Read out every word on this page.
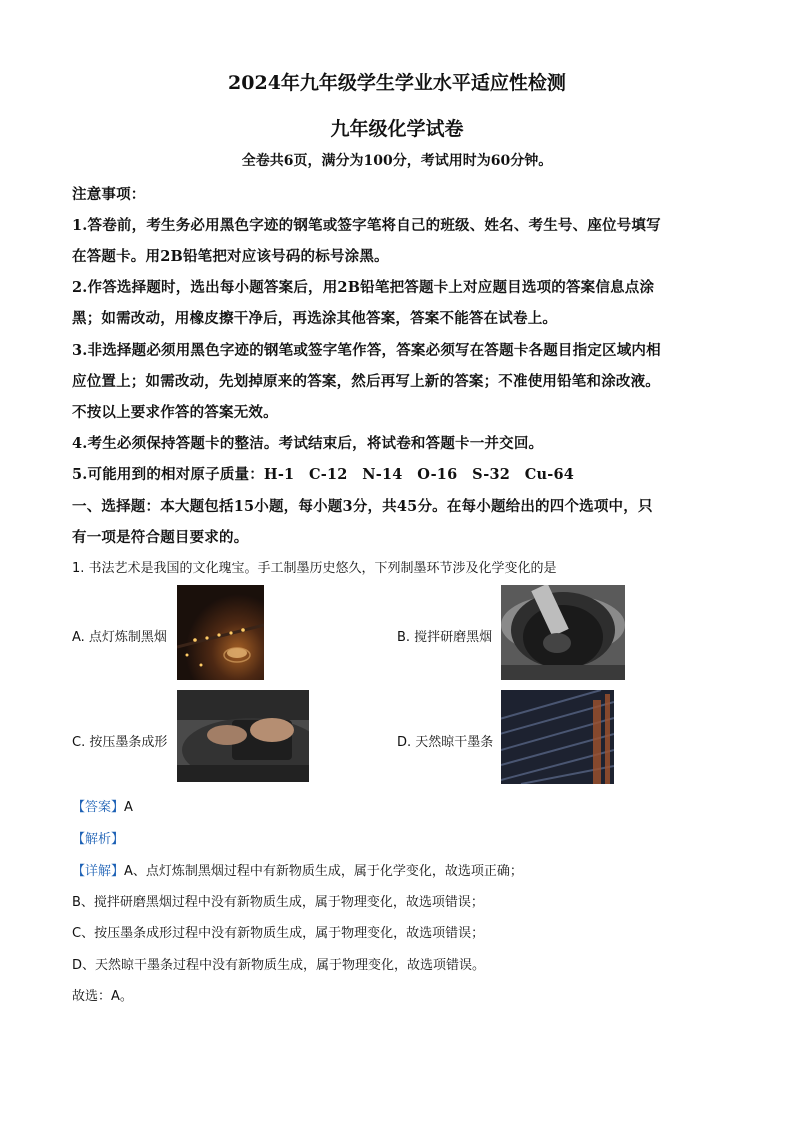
2024年九年级学生学业水平适应性检测
九年级化学试卷
全卷共6页，满分为100分，考试用时为60分钟。
注意事项：
1.答卷前，考生务必用黑色字迹的钢笔或签字笔将自己的班级、姓名、考生号、座位号填写
在答题卡。用2B铅笔把对应该号码的标号涂黑。
2.作答选择题时，选出每小题答案后，用2B铅笔把答题卡上对应题目选项的答案信息点涂
黑；如需改动，用橡皮擦干净后，再选涂其他答案，答案不能答在试卷上。
3.非选择题必须用黑色字迹的钢笔或签字笔作答，答案必须写在答题卡各题目指定区域内相
应位置上；如需改动，先划掉原来的答案，然后再写上新的答案；不准使用铅笔和涂改液。
不按以上要求作答的答案无效。
4.考生必须保持答题卡的整洁。考试结束后，将试卷和答题卡一并交回。
5.可能用到的相对原子质量：H-1　C-12　N-14　O-16　S-32　Cu-64
一、选择题：本大题包括15小题，每小题3分，共45分。在每小题给出的四个选项中，只
有一项是符合题目要求的。
1. 书法艺术是我国的文化瑰宝。手工制墨历史悠久，下列制墨环节涉及化学变化的是
A. 点灯炼制黑烟	B. 搅拌研磨黑烟
C. 按压墨条成形	D. 天然晾干墨条
【答案】A
【解析】
【详解】A、点灯炼制黑烟过程中有新物质生成，属于化学变化，故选项正确；
B、搅拌研磨黑烟过程中没有新物质生成，属于物理变化，故选项错误；
C、按压墨条成形过程中没有新物质生成，属于物理变化，故选项错误；
D、天然晾干墨条过程中没有新物质生成，属于物理变化，故选项错误。
故选：A。
